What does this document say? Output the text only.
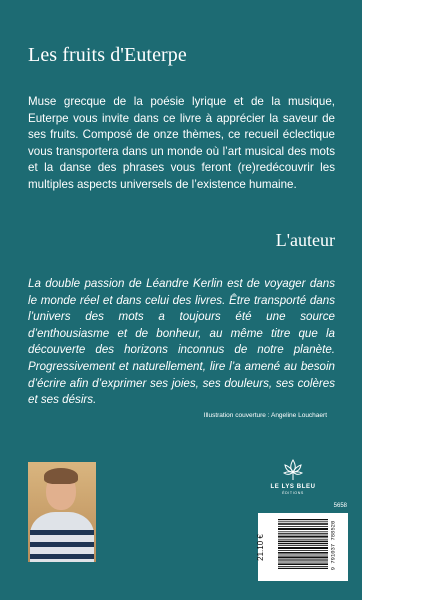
Les fruits d'Euterpe

Muse grecque de la poésie lyrique et de la musique, Euterpe vous invite dans ce livre à apprécier la saveur de ses fruits. Composé de onze thèmes, ce recueil éclectique vous transportera dans un monde où l’art musical des mots et la danse des phrases vous feront (re)redécouvrir les multiples aspects universels de l’existence humaine.

L'auteur

La double passion de Léandre Kerlin est de voyager dans le monde réel et dans celui des livres. Être transporté dans l’univers des mots a toujours été une source d’enthousiasme et de bonheur, au même titre que la découverte des horizons inconnus de notre planète. Progressivement et naturellement, lire l’a amené au besoin d’écrire afin d’exprimer ses joies, ses douleurs, ses colères et ses désirs.

Illustration couverture : Angeline Louchaert
LE LYS BLEU
ÉDITIONS
5658
21.10 €	9 791037 788520
